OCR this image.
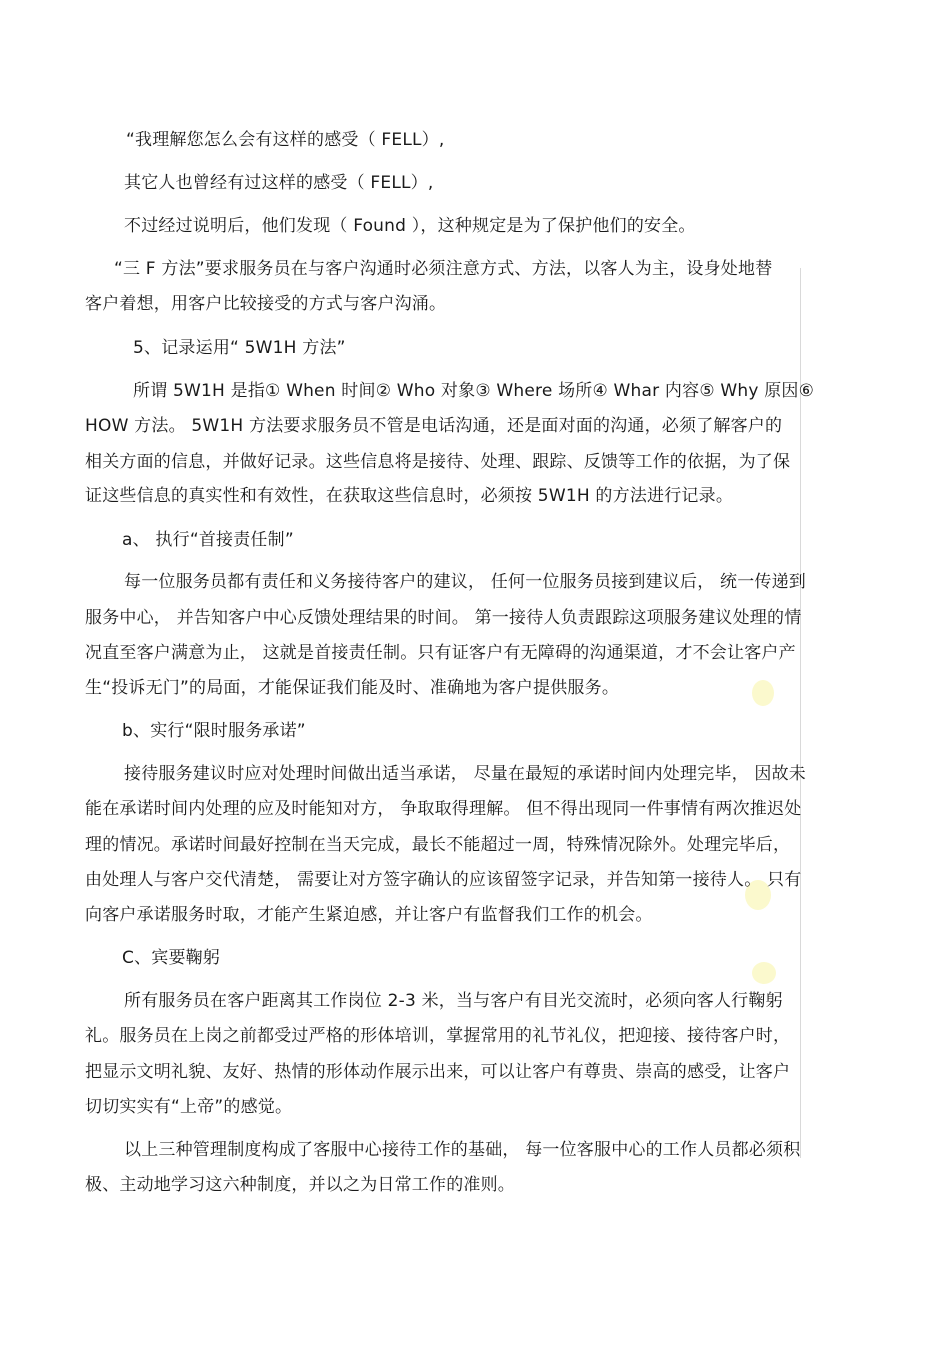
“我理解您怎么会有这样的感受（ FELL）,
其它人也曾经有过这样的感受（ FELL）,
不过经过说明后，他们发现（ Found ），这种规定是为了保护他们的安全。
“三 F 方法”要求服务员在与客户沟通时必须注意方式、方法，以客人为主，设身处地替
客户着想，用客户比较接受的方式与客户沟涌。
5、记录运用“ 5W1H 方法”
所谓 5W1H 是指① When 时间② Who 对象③ Where 场所④ Whar 内容⑤ Why 原因⑥
HOW 方法。 5W1H 方法要求服务员不管是电话沟通，还是面对面的沟通，必须了解客户的
相关方面的信息，并做好记录。这些信息将是接待、处理、跟踪、反馈等工作的依据，为了保
证这些信息的真实性和有效性，在获取这些信息时，必须按 5W1H 的方法进行记录。
a、 执行“首接责任制”
每一位服务员都有责任和义务接待客户的建议， 任何一位服务员接到建议后， 统一传递到
服务中心， 并告知客户中心反馈处理结果的时间。 第一接待人负责跟踪这项服务建议处理的情
况直至客户满意为止， 这就是首接责任制。只有证客户有无障碍的沟通渠道，才不会让客户产
生“投诉无门”的局面，才能保证我们能及时、准确地为客户提供服务。
b、实行“限时服务承诺”
接待服务建议时应对处理时间做出适当承诺， 尽量在最短的承诺时间内处理完毕， 因故未
能在承诺时间内处理的应及时能知对方， 争取取得理解。 但不得出现同一件事情有两次推迟处
理的情况。承诺时间最好控制在当天完成，最长不能超过一周，特殊情况除外。处理完毕后，
由处理人与客户交代清楚， 需要让对方签字确认的应该留签字记录，并告知第一接待人。 只有
向客户承诺服务时取，才能产生紧迫感，并让客户有监督我们工作的机会。
C、宾要鞠躬
所有服务员在客户距离其工作岗位 2-3 米，当与客户有目光交流时，必须向客人行鞠躬
礼。服务员在上岗之前都受过严格的形体培训，掌握常用的礼节礼仪，把迎接、接待客户时，
把显示文明礼貌、友好、热情的形体动作展示出来，可以让客户有尊贵、崇高的感受，让客户
切切实实有“上帝”的感觉。
以上三种管理制度构成了客服中心接待工作的基础， 每一位客服中心的工作人员都必须积
极、主动地学习这六种制度，并以之为日常工作的准则。
